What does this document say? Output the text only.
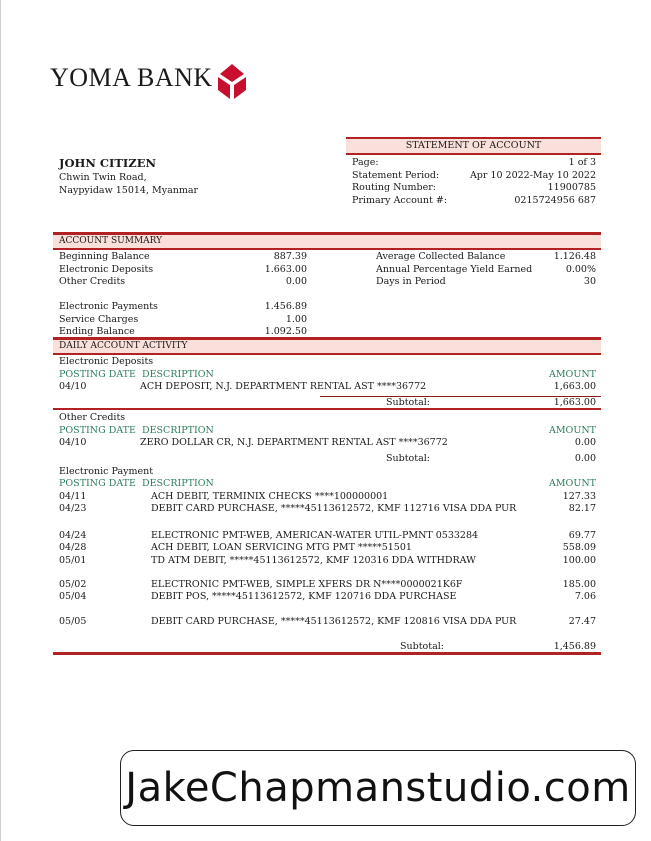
YOMA BANK
JOHN CITIZEN
Chwin Twin Road,
Naypyidaw 15014, Myanmar
STATEMENT OF ACCOUNT
Page:	1 of 3
Statement Period:	Apr 10 2022-May 10 2022
Routing Number:	11900785
Primary Account #:	0215724956 687
ACCOUNT SUMMARY
Beginning Balance	887.39
Electronic Deposits	1.663.00
Other Credits	0.00
Electronic Payments	1.456.89
Service Charges	1.00
Ending Balance	1.092.50
Average Collected Balance	1.126.48
Annual Percentage Yield Earned	0.00%
Days in Period	30
DAILY ACCOUNT ACTIVITY
Electronic Deposits
POSTING DATE DESCRIPTION	AMOUNT
04/10	ACH DEPOSIT, N.J. DEPARTMENT RENTAL AST ****36772	1,663.00
Subtotal:	1,663.00
Other Credits
POSTING DATE DESCRIPTION	AMOUNT
04/10	ZERO DOLLAR CR, N.J. DEPARTMENT RENTAL AST ****36772	0.00
Subtotal:	0.00
Electronic Payment
POSTING DATE DESCRIPTION	AMOUNT
04/11	ACH DEBIT, TERMINIX CHECKS ****100000001	127.33
04/23	DEBIT CARD PURCHASE, *****45113612572, KMF 112716 VISA DDA PUR	82.17
04/24	ELECTRONIC PMT-WEB, AMERICAN-WATER UTIL-PMNT 0533284	69.77
04/28	ACH DEBIT, LOAN SERVICING MTG PMT *****51501	558.09
05/01	TD ATM DEBIT, *****45113612572, KMF 120316 DDA WITHDRAW	100.00
05/02	ELECTRONIC PMT-WEB, SIMPLE XFERS DR N****0000021K6F	185.00
05/04	DEBIT POS, *****45113612572, KMF 120716 DDA PURCHASE	7.06
05/05	DEBIT CARD PURCHASE, *****45113612572, KMF 120816 VISA DDA PUR	27.47
Subtotal:	1,456.89
JakeChapmanstudio.com
